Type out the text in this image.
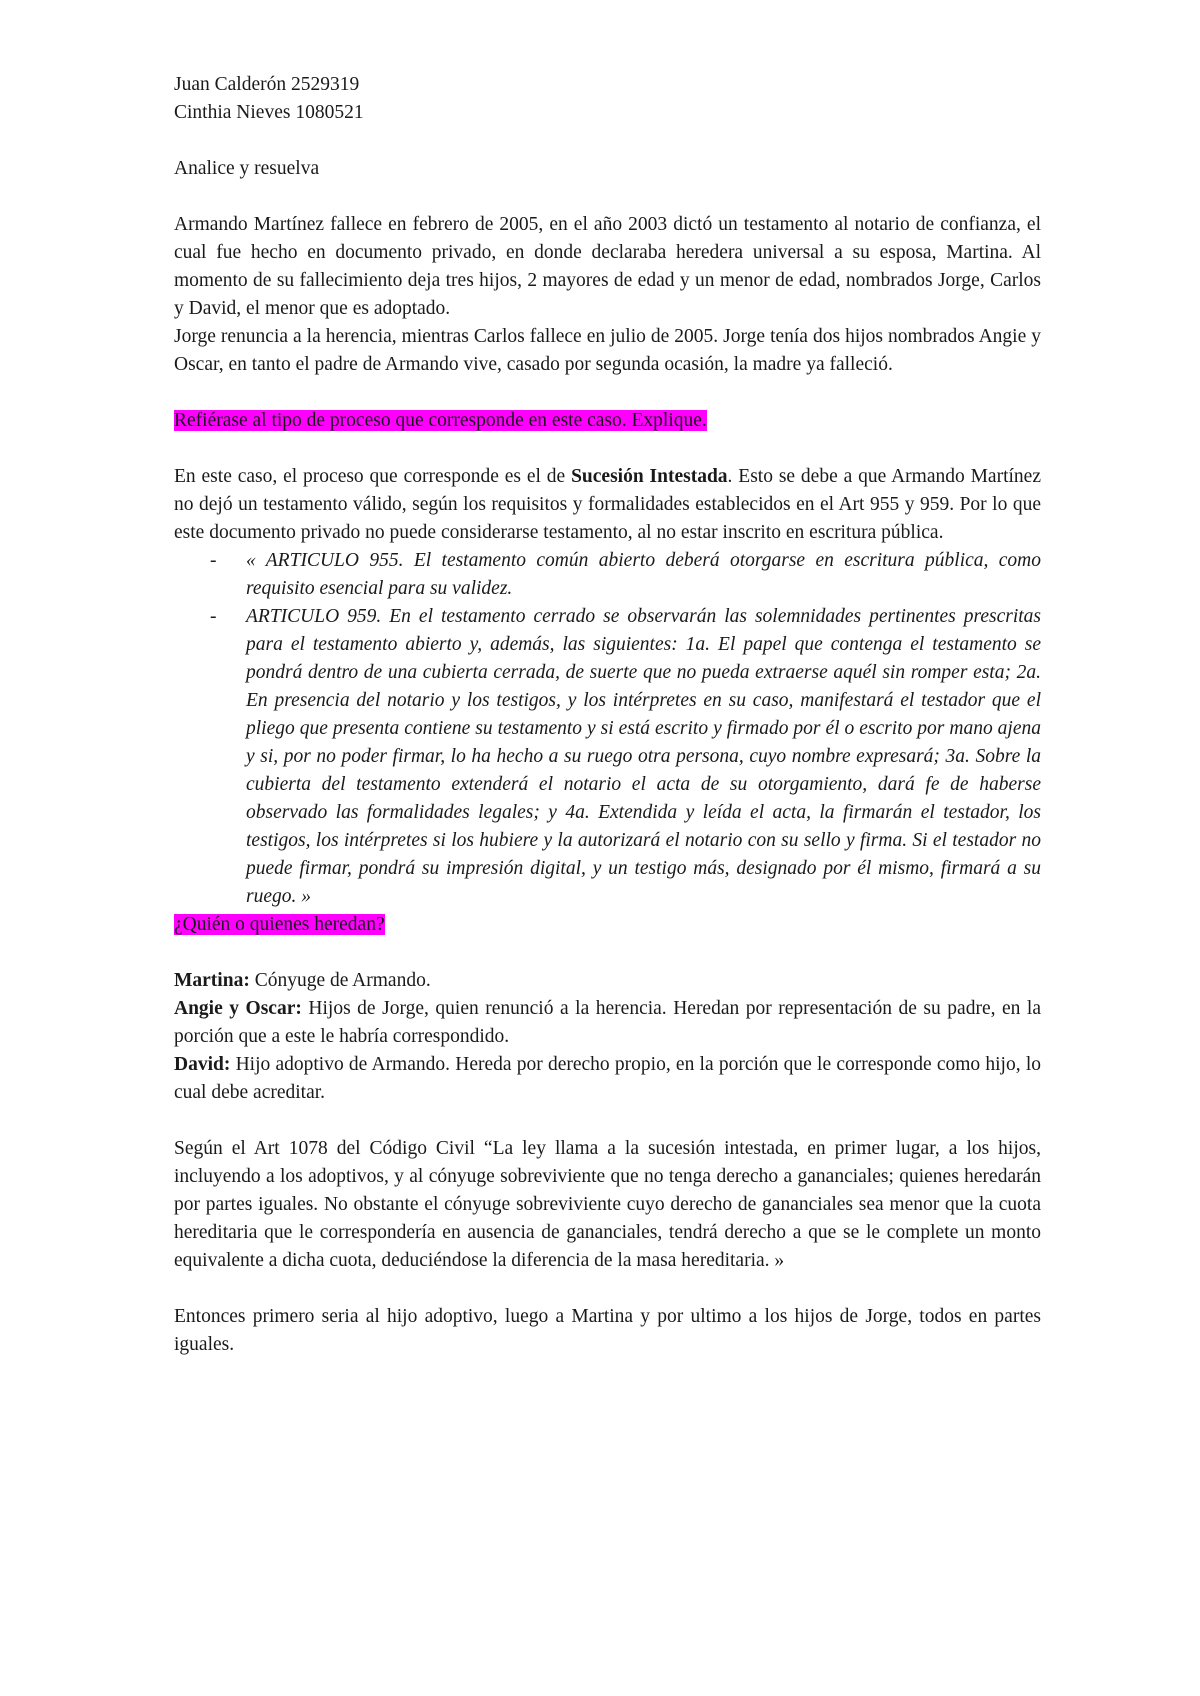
Juan Calderón 2529319

Cinthia Nieves 1080521

Analice y resuelva

Armando Martínez fallece en febrero de 2005, en el año 2003 dictó un testamento al notario de confianza, el cual fue hecho en documento privado, en donde declaraba heredera universal a su esposa, Martina. Al momento de su fallecimiento deja tres hijos, 2 mayores de edad y un menor de edad, nombrados Jorge, Carlos y David, el menor que es adoptado.

Jorge renuncia a la herencia, mientras Carlos fallece en julio de 2005. Jorge tenía dos hijos nombrados Angie y Oscar, en tanto el padre de Armando vive, casado por segunda ocasión, la madre ya falleció.

Refiérase al tipo de proceso que corresponde en este caso. Explique.

En este caso, el proceso que corresponde es el de Sucesión Intestada. Esto se debe a que Armando Martínez no dejó un testamento válido, según los requisitos y formalidades establecidos en el Art 955 y 959. Por lo que este documento privado no puede considerarse testamento, al no estar inscrito en escritura pública.

- « ARTICULO 955. El testamento común abierto deberá otorgarse en escritura pública, como requisito esencial para su validez.
- ARTICULO 959. En el testamento cerrado se observarán las solemnidades pertinentes prescritas para el testamento abierto y, además, las siguientes: 1a. El papel que contenga el testamento se pondrá dentro de una cubierta cerrada, de suerte que no pueda extraerse aquél sin romper esta; 2a. En presencia del notario y los testigos, y los intérpretes en su caso, manifestará el testador que el pliego que presenta contiene su testamento y si está escrito y firmado por él o escrito por mano ajena y si, por no poder firmar, lo ha hecho a su ruego otra persona, cuyo nombre expresará; 3a. Sobre la cubierta del testamento extenderá el notario el acta de su otorgamiento, dará fe de haberse observado las formalidades legales; y 4a. Extendida y leída el acta, la firmarán el testador, los testigos, los intérpretes si los hubiere y la autorizará el notario con su sello y firma. Si el testador no puede firmar, pondrá su impresión digital, y un testigo más, designado por él mismo, firmará a su ruego. »

¿Quién o quienes heredan?

Martina: Cónyuge de Armando.

Angie y Oscar: Hijos de Jorge, quien renunció a la herencia. Heredan por representación de su padre, en la porción que a este le habría correspondido.

David: Hijo adoptivo de Armando. Hereda por derecho propio, en la porción que le corresponde como hijo, lo cual debe acreditar.

Según el Art 1078 del Código Civil “La ley llama a la sucesión intestada, en primer lugar, a los hijos, incluyendo a los adoptivos, y al cónyuge sobreviviente que no tenga derecho a gananciales; quienes heredarán por partes iguales. No obstante el cónyuge sobreviviente cuyo derecho de gananciales sea menor que la cuota hereditaria que le correspondería en ausencia de gananciales, tendrá derecho a que se le complete un monto equivalente a dicha cuota, deduciéndose la diferencia de la masa hereditaria. »

Entonces primero seria al hijo adoptivo, luego a Martina y por ultimo a los hijos de Jorge, todos en partes iguales.
